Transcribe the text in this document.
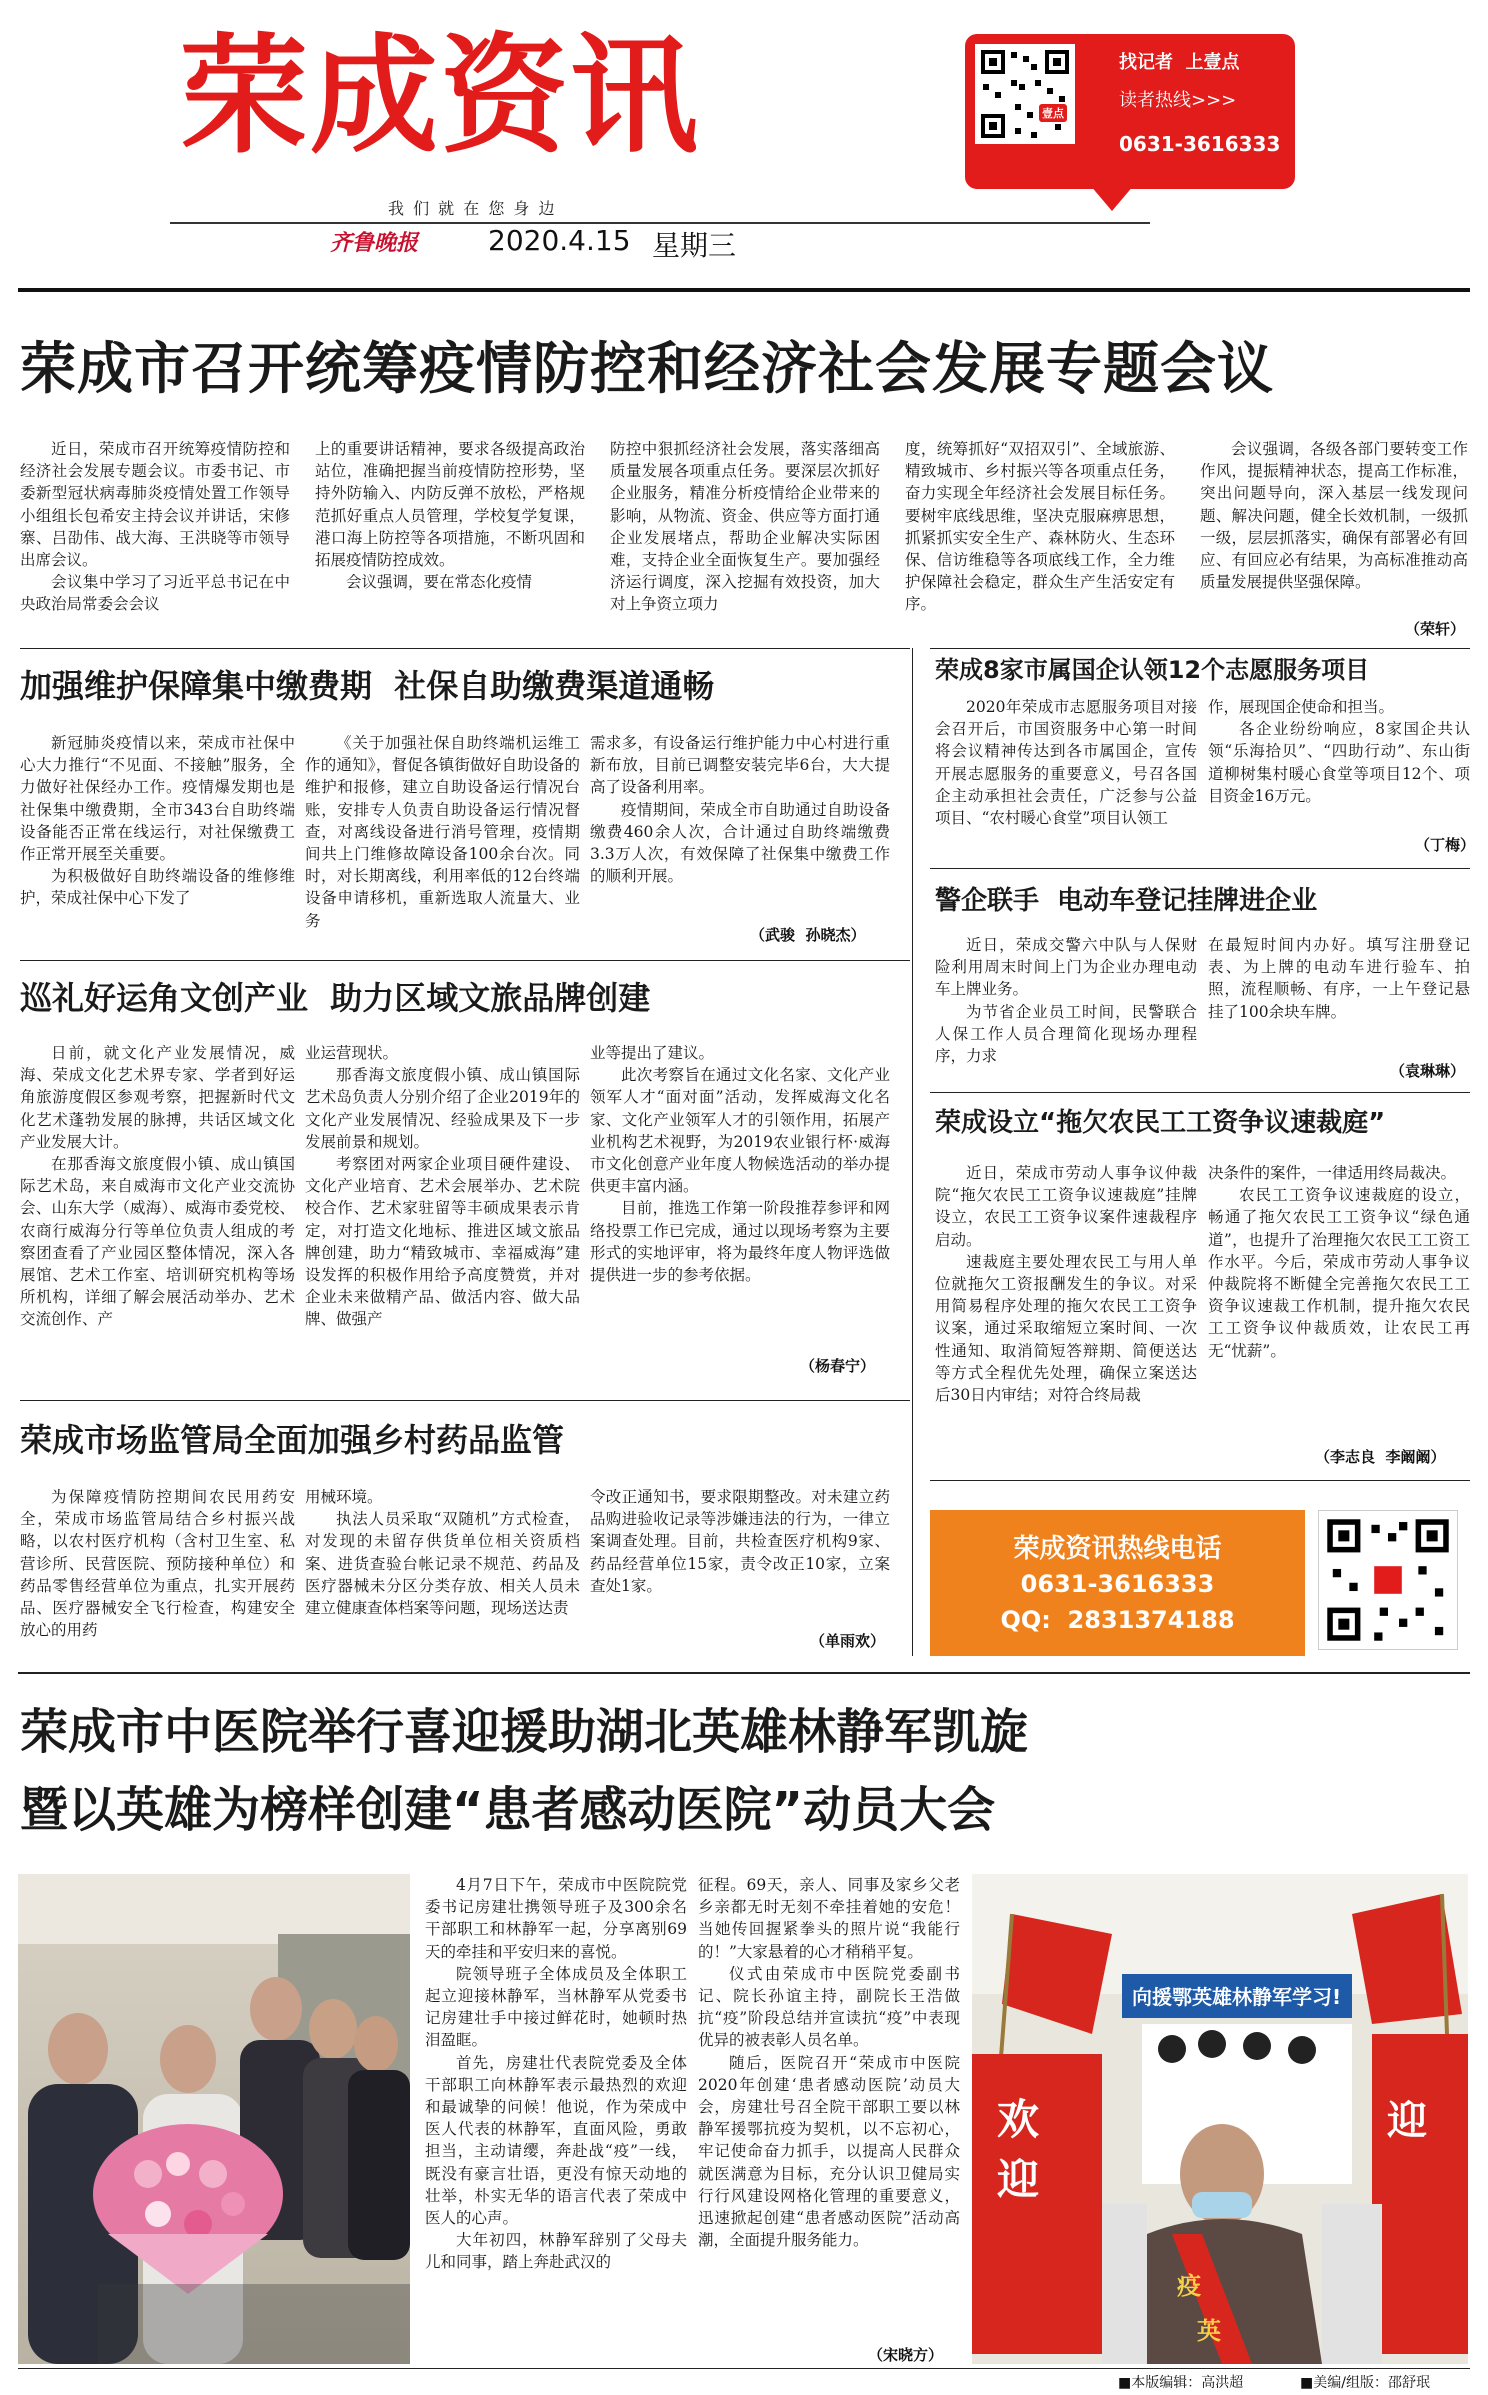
荣成资讯
我 们 就 在 您 身 边
齐鲁晚报 2020.4.15 星期三
壹点
找记者  上壹点
读者热线>>>
0631-3616333
荣成市召开统筹疫情防控和经济社会发展专题会议

近日，荣成市召开统筹疫情防控和经济社会发展专题会议。市委书记、市委新型冠状病毒肺炎疫情处置工作领导小组组长包希安主持会议并讲话，宋修寨、吕劭伟、战大海、王洪晓等市领导出席会议。

会议集中学习了习近平总书记在中央政治局常委会会议

上的重要讲话精神，要求各级提高政治站位，准确把握当前疫情防控形势，坚持外防输入、内防反弹不放松，严格规范抓好重点人员管理，学校复学复课，港口海上防控等各项措施，不断巩固和拓展疫情防控成效。

会议强调，要在常态化疫情

防控中狠抓经济社会发展，落实落细高质量发展各项重点任务。要深层次抓好企业服务，精准分析疫情给企业带来的影响，从物流、资金、供应等方面打通企业发展堵点，帮助企业解决实际困难，支持企业全面恢复生产。要加强经济运行调度，深入挖掘有效投资，加大对上争资立项力

度，统筹抓好“双招双引”、全域旅游、精致城市、乡村振兴等各项重点任务，奋力实现全年经济社会发展目标任务。要树牢底线思维，坚决克服麻痹思想，抓紧抓实安全生产、森林防火、生态环保、信访维稳等各项底线工作，全力维护保障社会稳定，群众生产生活安定有序。

会议强调，各级各部门要转变工作作风，提振精神状态，提高工作标准，突出问题导向，深入基层一线发现问题、解决问题，健全长效机制，一级抓一级，层层抓落实，确保有部署必有回应、有回应必有结果，为高标准推动高质量发展提供坚强保障。

（荣轩）
加强维护保障集中缴费期  社保自助缴费渠道通畅

新冠肺炎疫情以来，荣成市社保中心大力推行“不见面、不接触”服务，全力做好社保经办工作。疫情爆发期也是社保集中缴费期，全市343台自助终端设备能否正常在线运行，对社保缴费工作正常开展至关重要。

为积极做好自助终端设备的维修维护，荣成社保中心下发了

《关于加强社保自助终端机运维工作的通知》，督促各镇街做好自助设备的维护和报修，建立自助设备运行情况台账，安排专人负责自助设备运行情况督查，对离线设备进行消号管理，疫情期间共上门维修故障设备100余台次。同时，对长期离线，利用率低的12台终端设备申请移机，重新选取人流量大、业务

需求多，有设备运行维护能力中心村进行重新布放，目前已调整安装完毕6台，大大提高了设备利用率。

疫情期间，荣成全市自助通过自助设备缴费460余人次，合计通过自助终端缴费3.3万人次，有效保障了社保集中缴费工作的顺利开展。

（武骏  孙晓杰）
巡礼好运角文创产业  助力区域文旅品牌创建

日前，就文化产业发展情况，威海、荣成文化艺术界专家、学者到好运角旅游度假区参观考察，把握新时代文化艺术蓬勃发展的脉搏，共话区域文化产业发展大计。

在那香海文旅度假小镇、成山镇国际艺术岛，来自威海市文化产业交流协会、山东大学（威海）、威海市委党校、农商行威海分行等单位负责人组成的考察团查看了产业园区整体情况，深入各展馆、艺术工作室、培训研究机构等场所机构，详细了解会展活动举办、艺术交流创作、产

业运营现状。

那香海文旅度假小镇、成山镇国际艺术岛负责人分别介绍了企业2019年的文化产业发展情况、经验成果及下一步发展前景和规划。

考察团对两家企业项目硬件建设、文化产业培育、艺术会展举办、艺术院校合作、艺术家驻留等丰硕成果表示肯定，对打造文化地标、推进区域文旅品牌创建，助力“精致城市、幸福威海”建设发挥的积极作用给予高度赞赏，并对企业未来做精产品、做活内容、做大品牌、做强产

业等提出了建议。

此次考察旨在通过文化名家、文化产业领军人才“面对面”活动，发挥威海文化名家、文化产业领军人才的引领作用，拓展产业机构艺术视野，为2019农业银行杯·威海市文化创意产业年度人物候选活动的举办提供更丰富内涵。

目前，推选工作第一阶段推荐参评和网络投票工作已完成，通过以现场考察为主要形式的实地评审，将为最终年度人物评选做提供进一步的参考依据。

（杨春宁）
荣成市场监管局全面加强乡村药品监管

为保障疫情防控期间农民用药安全，荣成市场监管局结合乡村振兴战略，以农村医疗机构（含村卫生室、私营诊所、民营医院、预防接种单位）和药品零售经营单位为重点，扎实开展药品、医疗器械安全飞行检查，构建安全放心的用药

用械环境。

执法人员采取“双随机”方式检查，对发现的未留存供货单位相关资质档案、进货查验台帐记录不规范、药品及医疗器械未分区分类存放、相关人员未建立健康查体档案等问题，现场送达责

令改正通知书，要求限期整改。对未建立药品购进验收记录等涉嫌违法的行为，一律立案调查处理。目前，共检查医疗机构9家、药品经营单位15家，责令改正10家，立案查处1家。

（单雨欢）
荣成8家市属国企认领12个志愿服务项目

2020年荣成市志愿服务项目对接会召开后，市国资服务中心第一时间将会议精神传达到各市属国企，宣传开展志愿服务的重要意义，号召各国企主动承担社会责任，广泛参与公益项目、“农村暖心食堂”项目认领工

作，展现国企使命和担当。

各企业纷纷响应，8家国企共认领“乐海拾贝”、“四助行动”、东山街道柳树集村暖心食堂等项目12个、项目资金16万元。

（丁梅）
警企联手  电动车登记挂牌进企业

近日，荣成交警六中队与人保财险利用周末时间上门为企业办理电动车上牌业务。

为节省企业员工时间，民警联合人保工作人员合理简化现场办理程序，力求

在最短时间内办好。填写注册登记表、为上牌的电动车进行验车、拍照，流程顺畅、有序，一上午登记悬挂了100余块车牌。

（袁琳琳）
荣成设立“拖欠农民工工资争议速裁庭”

近日，荣成市劳动人事争议仲裁院“拖欠农民工工资争议速裁庭”挂牌设立，农民工工资争议案件速裁程序启动。

速裁庭主要处理农民工与用人单位就拖欠工资报酬发生的争议。对采用简易程序处理的拖欠农民工工资争议案，通过采取缩短立案时间、一次性通知、取消简短答辩期、简便送达等方式全程优先处理，确保立案送达后30日内审结；对符合终局裁

决条件的案件，一律适用终局裁决。

农民工工资争议速裁庭的设立，畅通了拖欠农民工工资争议“绿色通道”，也提升了治理拖欠农民工工资工作水平。今后，荣成市劳动人事争议仲裁院将不断健全完善拖欠农民工工资争议速裁工作机制，提升拖欠农民工工资争议仲裁质效，让农民工再无“忧薪”。

（李志良  李阚阚）
荣成资讯热线电话
0631-3616333
QQ:  2831374188
荣成市中医院举行喜迎援助湖北英雄林静军凯旋
暨以英雄为榜样创建“患者感动医院”动员大会

4月7日下午，荣成市中医院院党委书记房建壮携领导班子及300余名干部职工和林静军一起，分享离别69天的牵挂和平安归来的喜悦。

院领导班子全体成员及全体职工起立迎接林静军，当林静军从党委书记房建壮手中接过鲜花时，她顿时热泪盈眶。

首先，房建壮代表院党委及全体干部职工向林静军表示最热烈的欢迎和最诚挚的问候！他说，作为荣成中医人代表的林静军，直面风险，勇敢担当，主动请缨，奔赴战“疫”一线，既没有豪言壮语，更没有惊天动地的壮举，朴实无华的语言代表了荣成中医人的心声。

大年初四，林静军辞别了父母夫儿和同事，踏上奔赴武汉的

征程。69天，亲人、同事及家乡父老乡亲都无时无刻不牵挂着她的安危！当她传回握紧拳头的照片说“我能行的！”大家悬着的心才稍稍平复。

仪式由荣成市中医院党委副书记、院长孙谊主持，副院长王浩做抗“疫”阶段总结并宣读抗“疫”中表现优异的被表彰人员名单。

随后，医院召开“荣成市中医院2020年创建‘患者感动医院’动员大会，房建壮号召全院干部职工要以林静军援鄂抗疫为契机，以不忘初心，牢记使命奋力抓手，以提高人民群众就医满意为目标，充分认识卫健局实行行风建设网格化管理的重要意义，迅速掀起创建“患者感动医院”活动高潮，全面提升服务能力。

（宋晓方）
向援鄂英雄林静军学习!
欢
迎
迎
疫
英
■本版编辑：高洪超	■美编/组版：邵舒珉
